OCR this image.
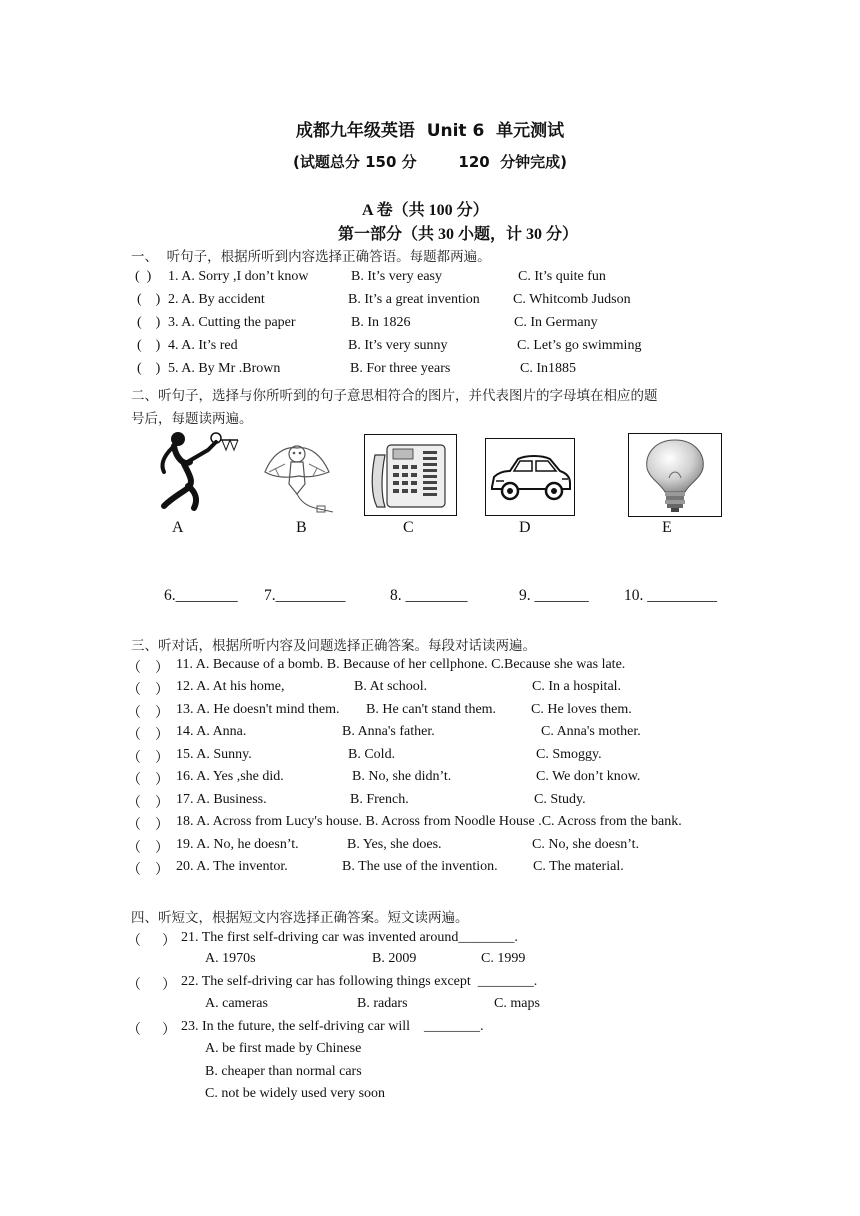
成都九年级英语  Unit 6  单元测试
(试题总分 150 分        120  分钟完成)
A 卷（共 100 分）
第一部分（共 30 小题，计 30 分）
一、  听句子，根据所听到内容选择正确答语。每题都两遍。
(  ) 1. A. Sorry ,I don’t know	B. It’s very easy	C. It’s quite fun
(    ) 2. A. By accident	B. It’s a great invention C. Whitcomb Judson
(    ) 3. A. Cutting the paper	B. In 1826	C. In Germany
(    ) 4. A. It’s red	B. It’s very sunny	C. Let’s go swimming
(    ) 5. A. By Mr .Brown	B. For three years	C. In1885
二、听句子，选择与你所听到的句子意思相符合的图片，并代表图片的字母填在相应的题
号后，每题读两遍。
A	B	C	D	E
6.________ 7._________	8. ________	9. _______ 10. _________
三、听对话，根据所听内容及问题选择正确答案。每段对话读两遍。
（    ） 11. A. Because of a bomb. B. Because of her cellphone. C.Because she was late.
（    ） 12. A. At his home,	B. At school.	C. In a hospital.
（    ） 13. A. He doesn't mind them. B. He can't stand them. C. He loves them.
（    ） 14. A. Anna.	B. Anna's father.	C. Anna's mother.
（    ） 15. A. Sunny.	B. Cold.	C. Smoggy.
（    ） 16. A. Yes ,she did.	B. No, she didn’t.	C. We don’t know.
（    ） 17. A. Business.	B. French.	C. Study.
（    ） 18. A. Across from Lucy's house. B. Across from Noodle House .C. Across from the bank.
（    ） 19. A. No, he doesn’t.	B. Yes, she does.	C. No, she doesn’t.
（    ） 20. A. The inventor.	B. The use of the invention.	C. The material.
四、听短文，根据短文内容选择正确答案。短文读两遍。
（      ） 21. The first self-driving car was invented around________.
A. 1970s	B. 2009	C. 1999
（      ） 22. The self-driving car has following things except  ________.
A. cameras	B. radars	C. maps
（      ） 23. In the future, the self-driving car will    ________.
A. be first made by Chinese
B. cheaper than normal cars
C. not be widely used very soon
